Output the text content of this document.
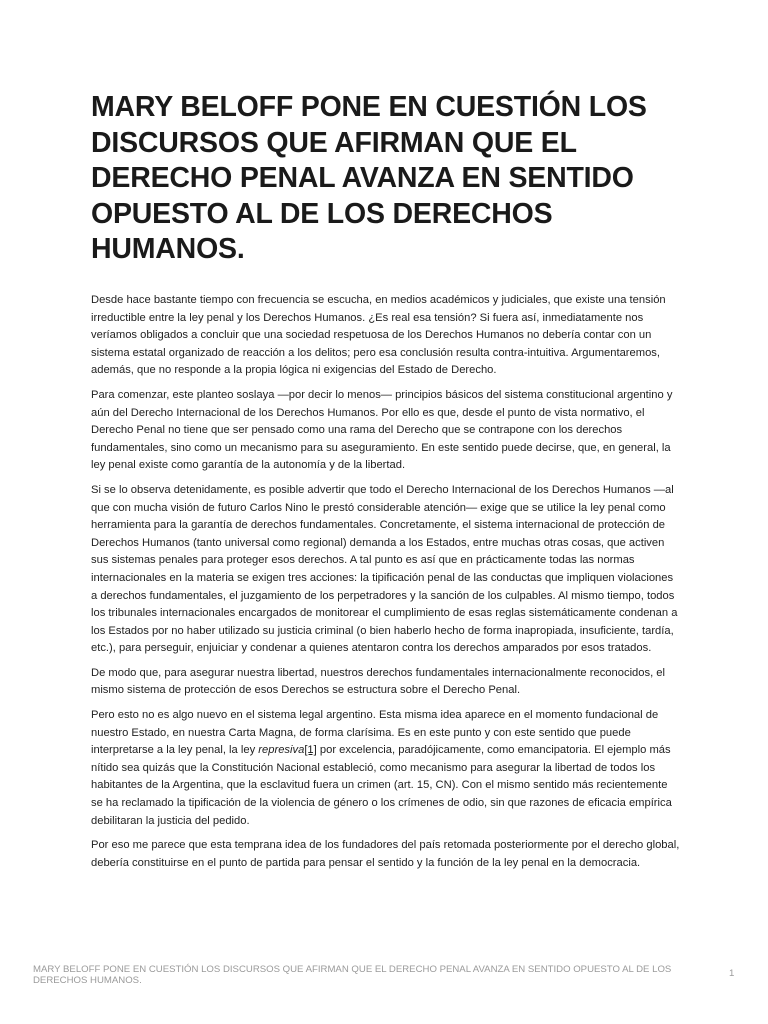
MARY BELOFF PONE EN CUESTIÓN LOS DISCURSOS QUE AFIRMAN QUE EL DERECHO PENAL AVANZA EN SENTIDO OPUESTO AL DE LOS DERECHOS HUMANOS.

Desde hace bastante tiempo con frecuencia se escucha, en medios académicos y judiciales, que existe una tensión irreductible entre la ley penal y los Derechos Humanos. ¿Es real esa tensión? Si fuera así, inmediatamente nos veríamos obligados a concluir que una sociedad respetuosa de los Derechos Humanos no debería contar con un sistema estatal organizado de reacción a los delitos; pero esa conclusión resulta contra-intuitiva. Argumentaremos, además, que no responde a la propia lógica ni exigencias del Estado de Derecho.

Para comenzar, este planteo soslaya —por decir lo menos— principios básicos del sistema constitucional argentino y aún del Derecho Internacional de los Derechos Humanos. Por ello es que, desde el punto de vista normativo, el Derecho Penal no tiene que ser pensado como una rama del Derecho que se contrapone con los derechos fundamentales, sino como un mecanismo para su aseguramiento. En este sentido puede decirse, que, en general, la ley penal existe como garantía de la autonomía y de la libertad.

Si se lo observa detenidamente, es posible advertir que todo el Derecho Internacional de los Derechos Humanos —al que con mucha visión de futuro Carlos Nino le prestó considerable atención— exige que se utilice la ley penal como herramienta para la garantía de derechos fundamentales. Concretamente, el sistema internacional de protección de Derechos Humanos (tanto universal como regional) demanda a los Estados, entre muchas otras cosas, que activen sus sistemas penales para proteger esos derechos. A tal punto es así que en prácticamente todas las normas internacionales en la materia se exigen tres acciones: la tipificación penal de las conductas que impliquen violaciones a derechos fundamentales, el juzgamiento de los perpetradores y la sanción de los culpables. Al mismo tiempo, todos los tribunales internacionales encargados de monitorear el cumplimiento de esas reglas sistemáticamente condenan a los Estados por no haber utilizado su justicia criminal (o bien haberlo hecho de forma inapropiada, insuficiente, tardía, etc.), para perseguir, enjuiciar y condenar a quienes atentaron contra los derechos amparados por esos tratados.

De modo que, para asegurar nuestra libertad, nuestros derechos fundamentales internacionalmente reconocidos, el mismo sistema de protección de esos Derechos se estructura sobre el Derecho Penal.

Pero esto no es algo nuevo en el sistema legal argentino. Esta misma idea aparece en el momento fundacional de nuestro Estado, en nuestra Carta Magna, de forma clarísima. Es en este punto y con este sentido que puede interpretarse a la ley penal, la ley represiva[1] por excelencia, paradójicamente, como emancipatoria. El ejemplo más nítido sea quizás que la Constitución Nacional estableció, como mecanismo para asegurar la libertad de todos los habitantes de la Argentina, que la esclavitud fuera un crimen (art. 15, CN). Con el mismo sentido más recientemente se ha reclamado la tipificación de la violencia de género o los crímenes de odio, sin que razones de eficacia empírica debilitaran la justicia del pedido.

Por eso me parece que esta temprana idea de los fundadores del país retomada posteriormente por el derecho global, debería constituirse en el punto de partida para pensar el sentido y la función de la ley penal en la democracia.

MARY BELOFF PONE EN CUESTIÓN LOS DISCURSOS QUE AFIRMAN QUE EL DERECHO PENAL AVANZA EN SENTIDO OPUESTO AL DE LOS DERECHOS HUMANOS.
1
